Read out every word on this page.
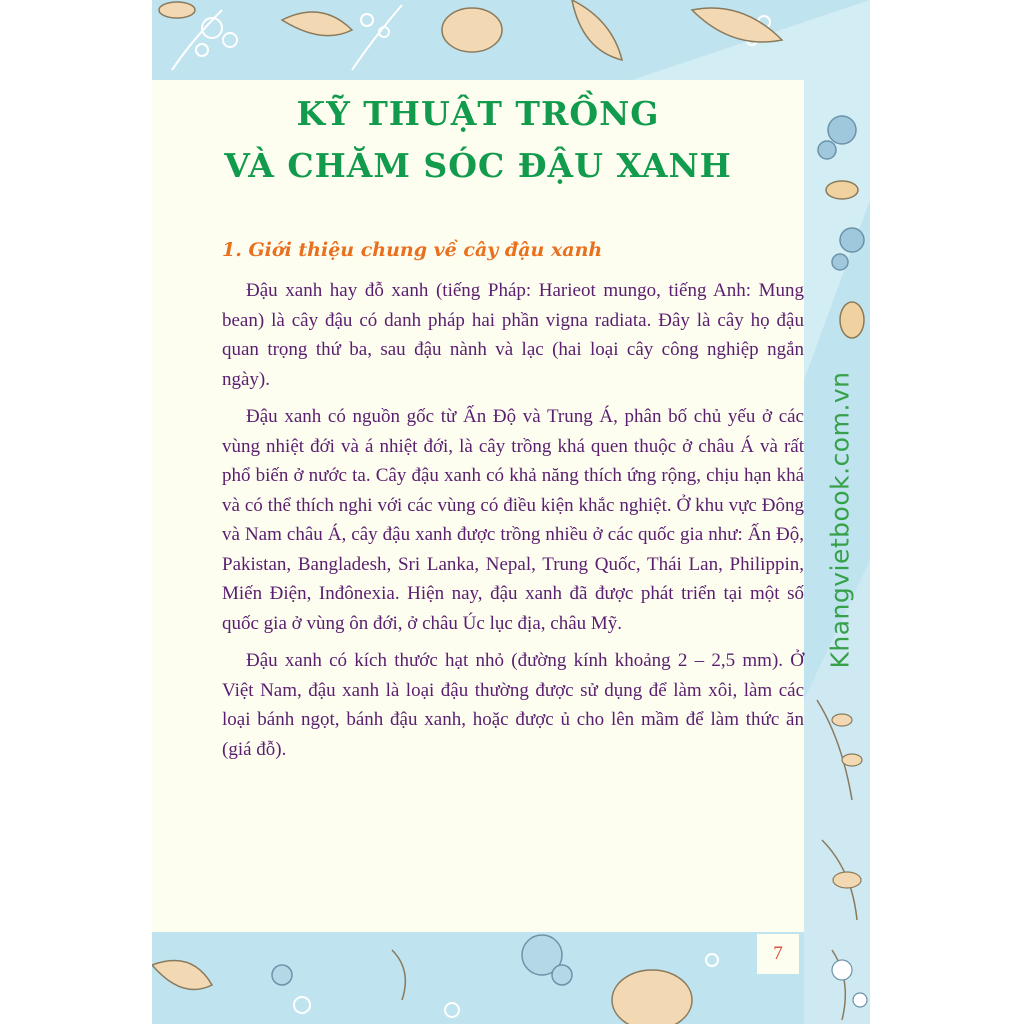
KỸ THUẬT TRỒNG
VÀ CHĂM SÓC ĐẬU XANH
1. Giới thiệu chung về cây đậu xanh

Đậu xanh hay đỗ xanh (tiếng Pháp: Harieot mungo, tiếng Anh: Mung bean) là cây đậu có danh pháp hai phần vigna radiata. Đây là cây họ đậu quan trọng thứ ba, sau đậu nành và lạc (hai loại cây công nghiệp ngắn ngày).

Đậu xanh có nguồn gốc từ Ấn Độ và Trung Á, phân bố chủ yếu ở các vùng nhiệt đới và á nhiệt đới, là cây trồng khá quen thuộc ở châu Á và rất phổ biến ở nước ta. Cây đậu xanh có khả năng thích ứng rộng, chịu hạn khá và có thể thích nghi với các vùng có điều kiện khắc nghiệt. Ở khu vực Đông và Nam châu Á, cây đậu xanh được trồng nhiều ở các quốc gia như: Ấn Độ, Pakistan, Bangladesh, Sri Lanka, Nepal, Trung Quốc, Thái Lan, Philippin, Miến Điện, Inđônexia. Hiện nay, đậu xanh đã được phát triển tại một số quốc gia ở vùng ôn đới, ở châu Úc lục địa, châu Mỹ.

Đậu xanh có kích thước hạt nhỏ (đường kính khoảng 2 – 2,5 mm). Ở Việt Nam, đậu xanh là loại đậu thường được sử dụng để làm xôi, làm các loại bánh ngọt, bánh đậu xanh, hoặc được ủ cho lên mầm để làm thức ăn (giá đỗ).

7
Khangvietbook.com.vn
